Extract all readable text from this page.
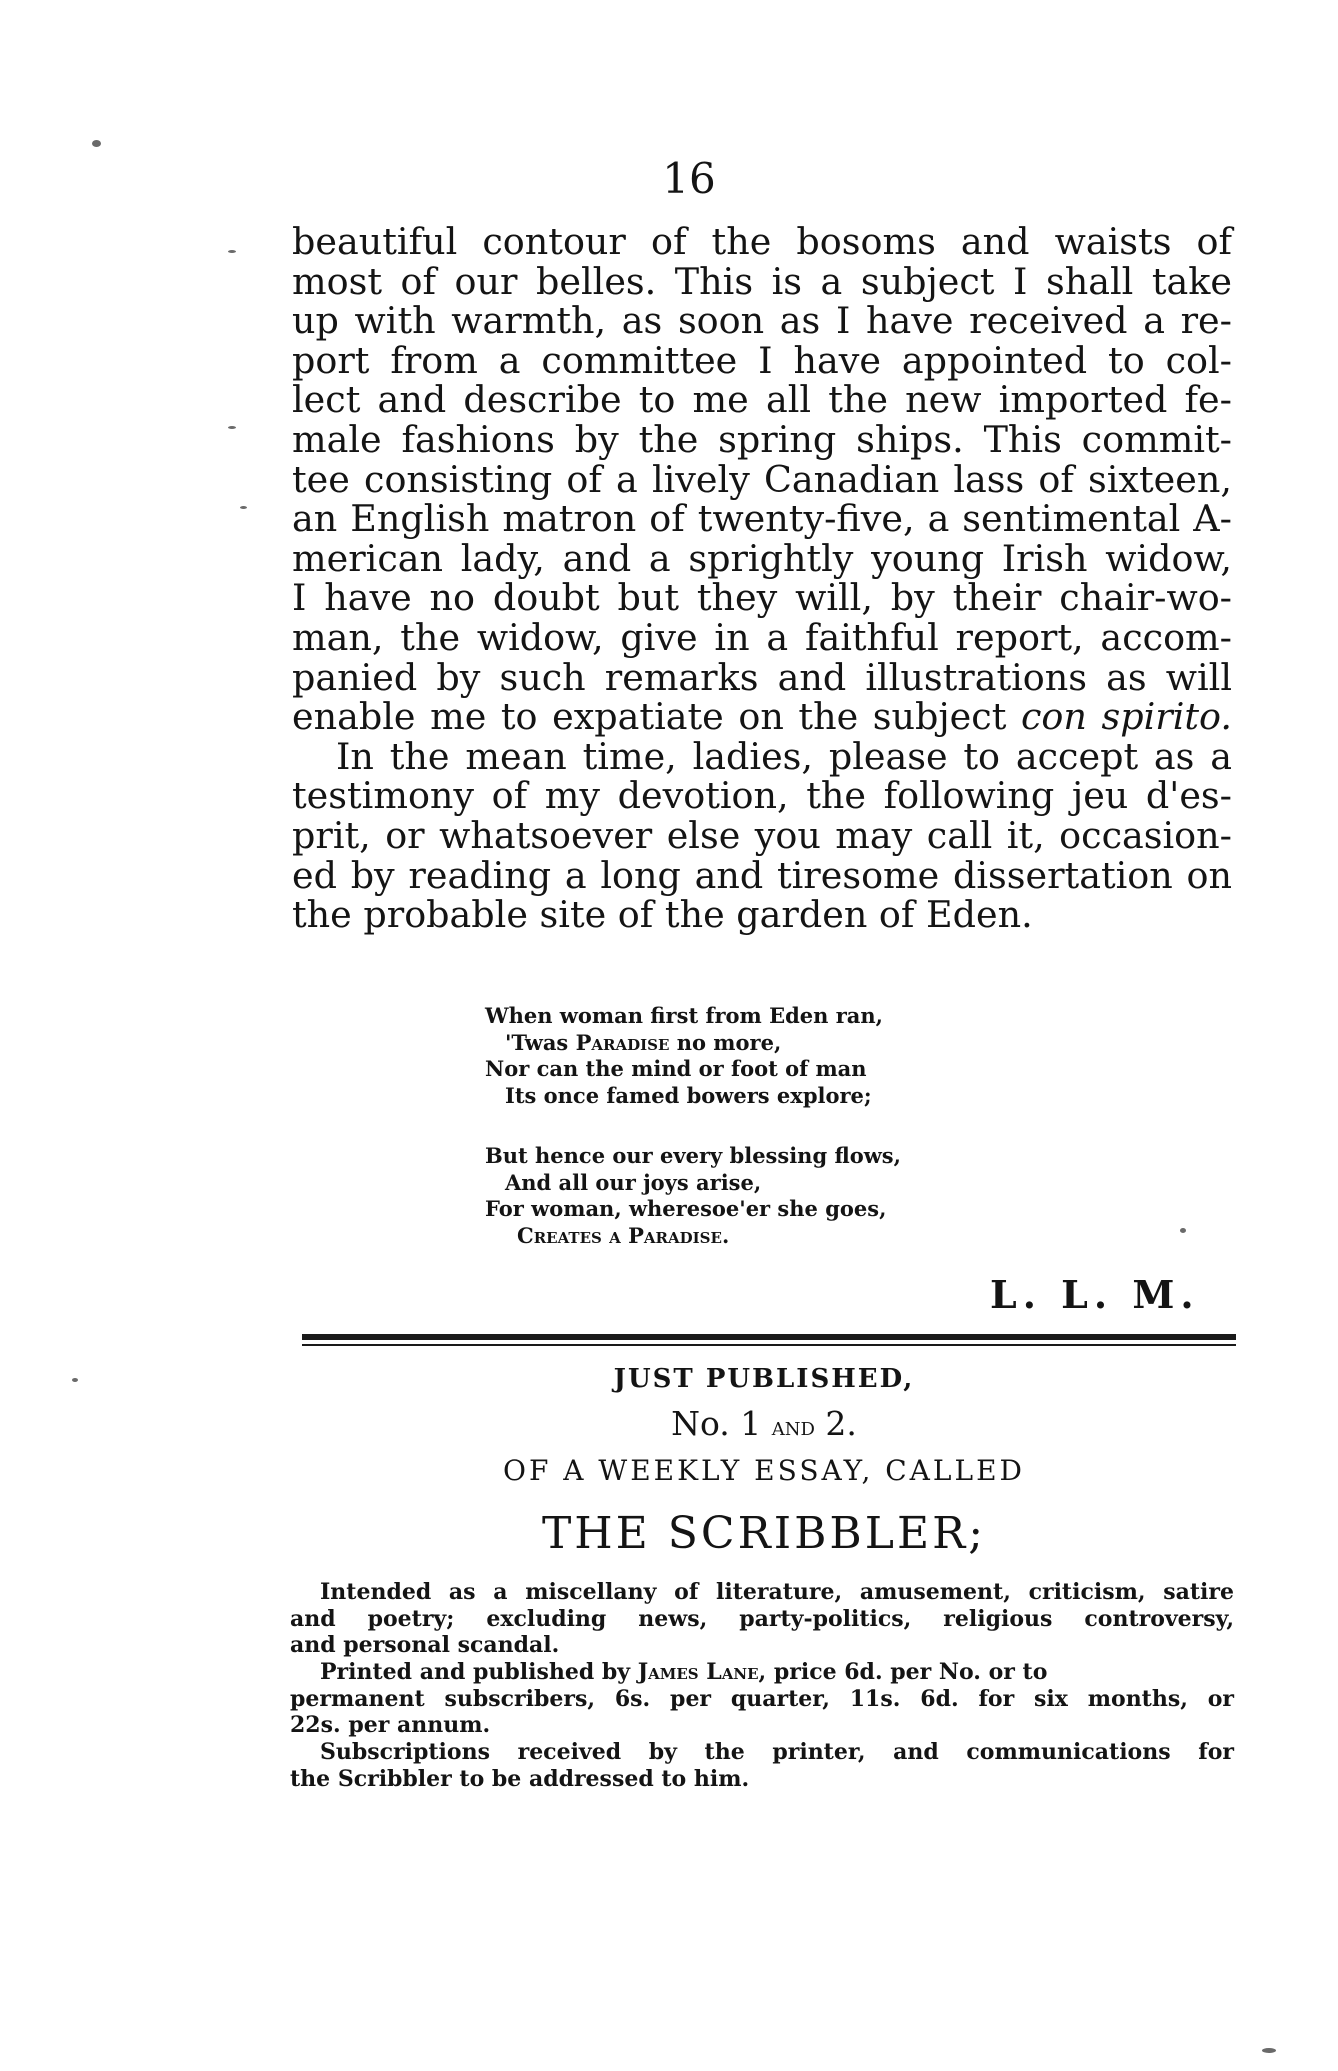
16
beautiful contour of the bosoms and waists of
most of our belles. This is a subject I shall take
up with warmth, as soon as I have received a re-
port from a committee I have appointed to col-
lect and describe to me all the new imported fe-
male fashions by the spring ships. This commit-
tee consisting of a lively Canadian lass of sixteen,
an English matron of twenty-five, a sentimental A-
merican lady, and a sprightly young Irish widow,
I have no doubt but they will, by their chair-wo-
man, the widow, give in a faithful report, accom-
panied by such remarks and illustrations as will
enable me to expatiate on the subject con spirito.
In the mean time, ladies, please to accept as a
testimony of my devotion, the following jeu d'es-
prit, or whatsoever else you may call it, occasion-
ed by reading a long and tiresome dissertation on
the probable site of the garden of Eden.
When woman first from Eden ran,
'Twas Paradise no more,
Nor can the mind or foot of man
Its once famed bowers explore;
But hence our every blessing flows,
And all our joys arise,
For woman, wheresoe'er she goes,
Creates a Paradise.
L. L. M.
JUST PUBLISHED,
No. 1 and 2.
OF A WEEKLY ESSAY, CALLED
THE SCRIBBLER;
Intended as a miscellany of literature, amusement, criticism, satire
and poetry; excluding news, party-politics, religious controversy,
and personal scandal.
Printed and published by James Lane, price 6d. per No. or to
permanent subscribers, 6s. per quarter, 11s. 6d. for six months, or
22s. per annum.
Subscriptions received by the printer, and communications for
the Scribbler to be addressed to him.
